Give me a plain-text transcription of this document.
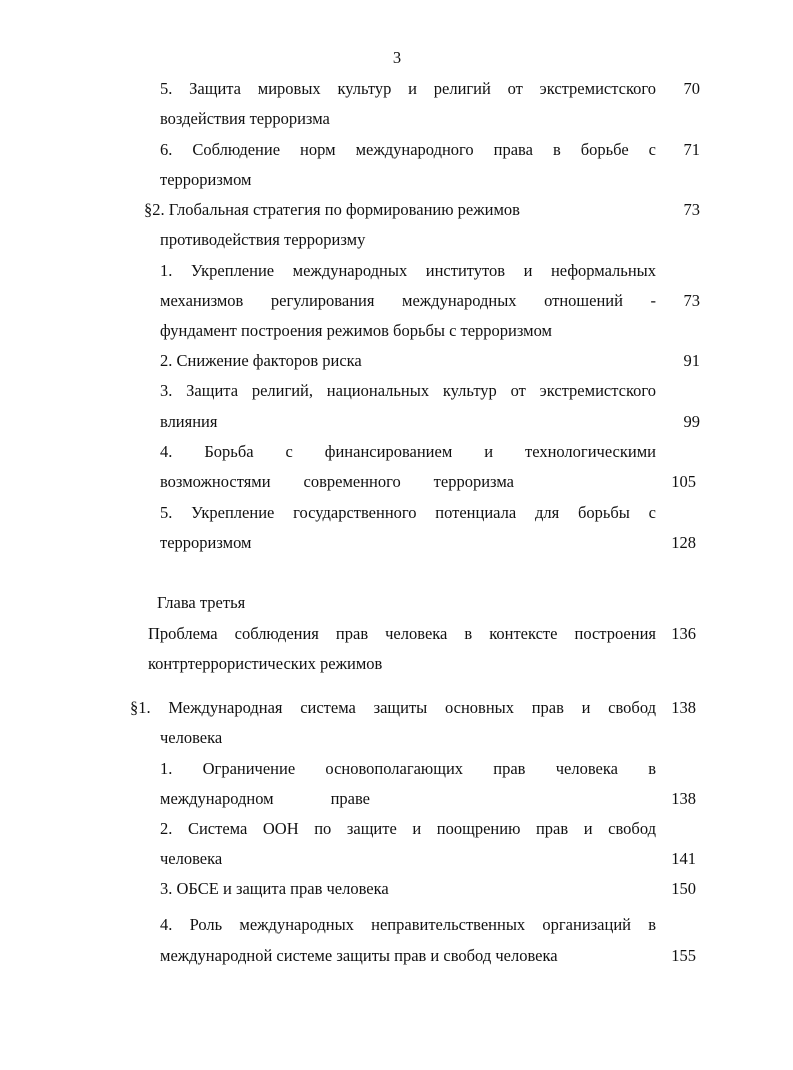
3
5. Защита мировых культур и религий от экстремистского	70
воздействия терроризма
6. Соблюдение норм международного права в борьбе с	71
терроризмом
§2. Глобальная стратегия по формированию режимов	73
противодействия терроризму
1. Укрепление международных институтов и неформальных
механизмов регулирования международных отношений -	73
фундамент построения режимов борьбы с терроризмом
2. Снижение факторов риска	91
3. Защита религий, национальных культур от экстремистского
влияния	99
4. Борьба с финансированием и технологическими
возможностями современного терроризма	105
5. Укрепление государственного потенциала для борьбы с
терроризмом	128
Глава третья
Проблема соблюдения прав человека в контексте построения 136
контртеррористических режимов
§1. Международная система защиты основных прав и свобод 138
человека
1. Ограничение основополагающих прав человека в
международном праве	138
2. Система ООН по защите и поощрению прав и свобод
человека	141
3. ОБСЕ и защита прав человека	150
4. Роль международных неправительственных организаций в
международной системе защиты прав и свобод человека	155
